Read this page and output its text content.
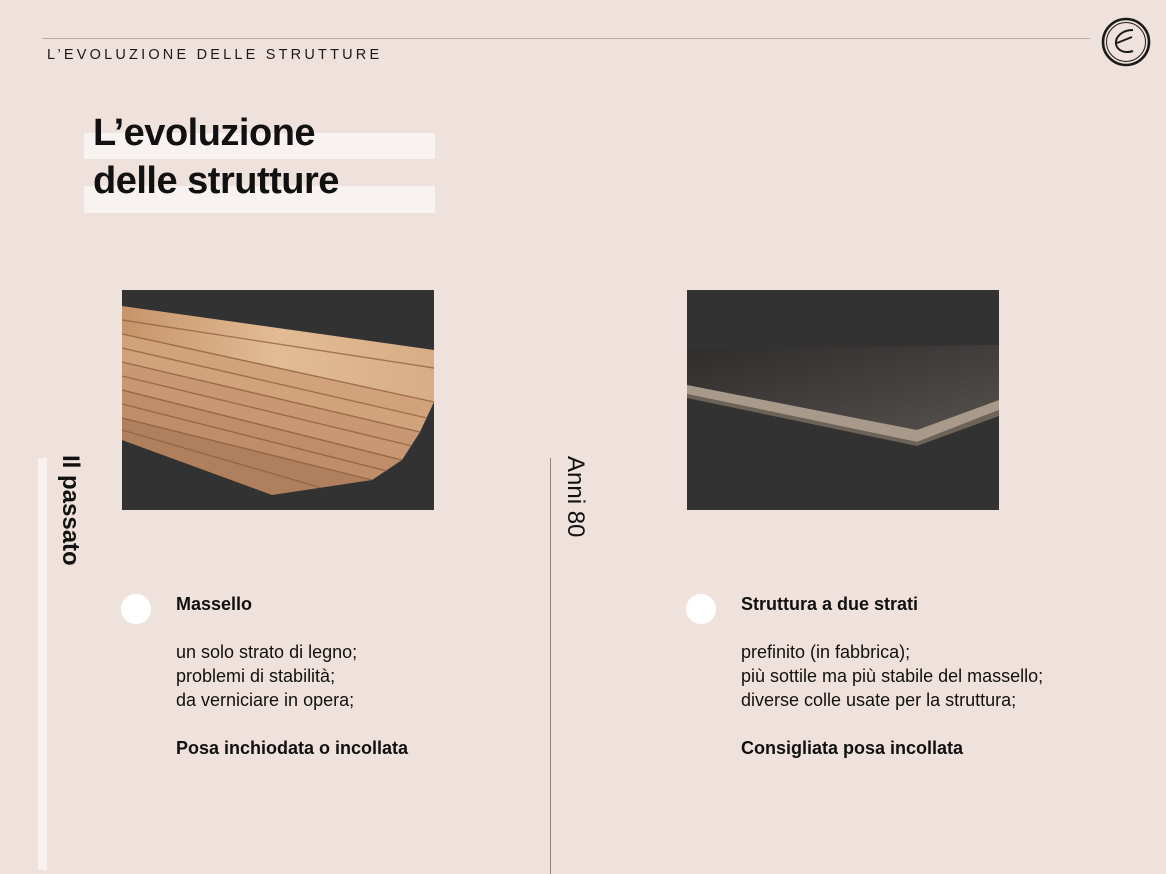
L’EVOLUZIONE DELLE STRUTTURE
L’evoluzione
delle strutture
Il passato	Anni 80
Massello
un solo strato di legno;
problemi di stabilità;
da verniciare in opera;
Posa inchiodata o incollata
Struttura a due strati
prefinito (in fabbrica);
più sottile ma più stabile del massello;
diverse colle usate per la struttura;
Consigliata posa incollata
